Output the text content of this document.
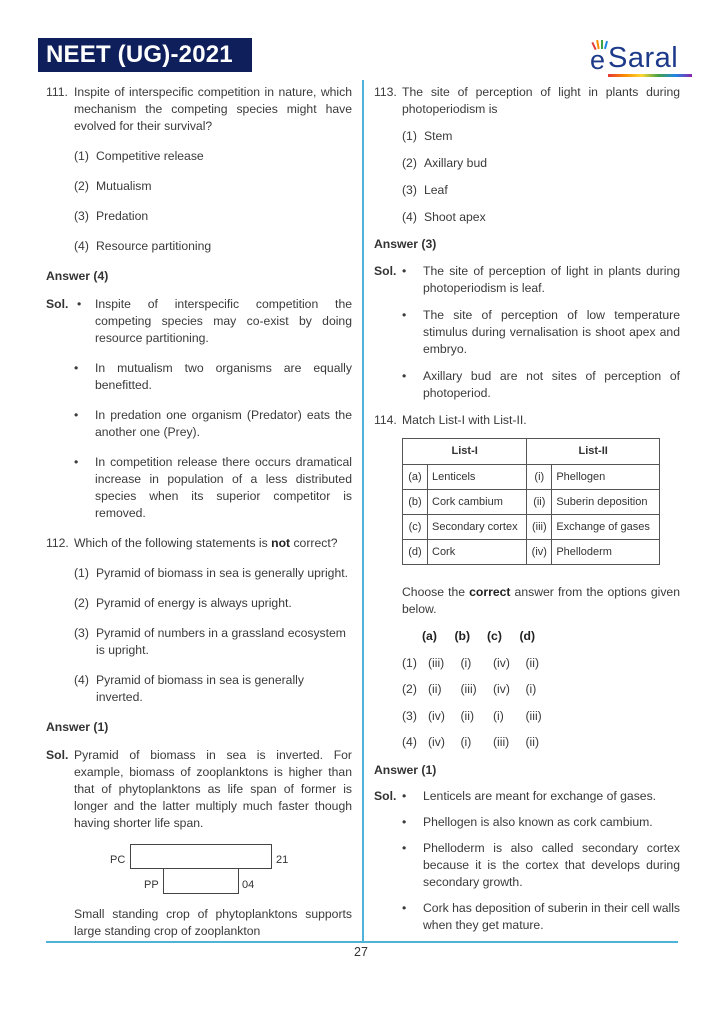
NEET (UG)-2021	e Saral
111. Inspite of interspecific competition in nature, which mechanism the competing species might have evolved for their survival?
(1) Competitive release
(2) Mutualism
(3) Predation
(4) Resource partitioning
Answer (4)
Sol. •	Inspite of interspecific competition the competing species may co-exist by doing resource partitioning.
•	In mutualism two organisms are equally benefitted.
•	In predation one organism (Predator) eats the another one (Prey).
•	In competition release there occurs dramatical increase in population of a less distributed species when its superior competitor is removed.
112. Which of the following statements is not correct?
(1) Pyramid of biomass in sea is generally upright.
(2) Pyramid of energy is always upright.
(3) Pyramid of numbers in a grassland ecosystem is upright.
(4) Pyramid of biomass in sea is generally inverted.
Answer (1)
Sol. Pyramid of biomass in sea is inverted. For example, biomass of zooplanktons is higher than that of phytoplanktons as life span of former is longer and the latter multiply much faster though having shorter life span.
PC	21
PP	04
Small standing crop of phytoplanktons supports large standing crop of zooplankton
113. The site of perception of light in plants during photoperiodism is
(1) Stem
(2) Axillary bud
(3) Leaf
(4) Shoot apex
Answer (3)
Sol. •	The site of perception of light in plants during photoperiodism is leaf.
•	The site of perception of low temperature stimulus during vernalisation is shoot apex and embryo.
•	Axillary bud are not sites of perception of photoperiod.
114. Match List-I with List-II.
List-I		List-II	
(a)	Lenticels	(i)	Phellogen
(b)	Cork cambium	(ii)	Suberin deposition
(c)	Secondary cortex	(iii)	Exchange of gases
(d)	Cork	(iv)	Phelloderm
Choose the correct answer from the options given below.
(a)	(b)	(c)	(d)
(1) (iii)	(i)	(iv)	(ii)
(2) (ii)	(iii)	(iv)	(i)
(3) (iv)	(ii)	(i)	(iii)
(4) (iv)	(i)	(iii)	(ii)
Answer (1)
Sol. •	Lenticels are meant for exchange of gases.
•	Phellogen is also known as cork cambium.
•	Phelloderm is also called secondary cortex because it is the cortex that develops during secondary growth.
•	Cork has deposition of suberin in their cell walls when they get mature.
27
